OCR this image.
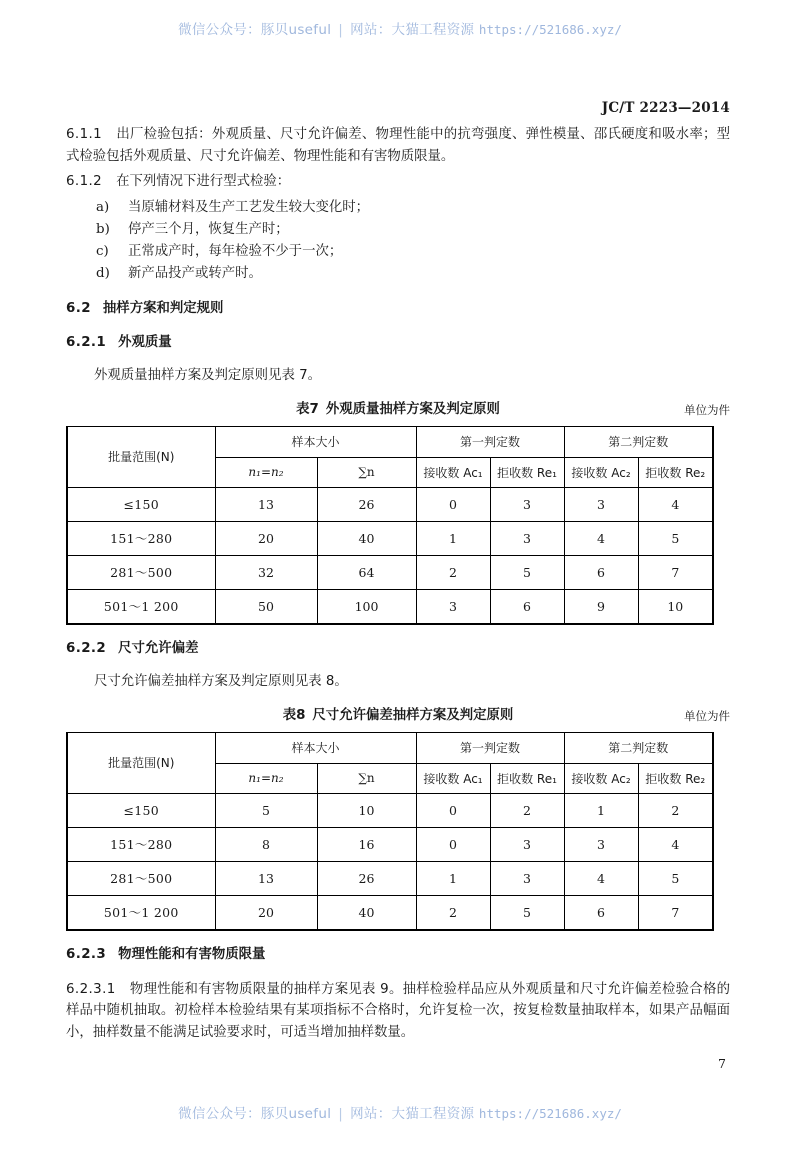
微信公众号：豚贝useful | 网站：大猫工程资源 https://521686.xyz/
JC/T 2223—2014

6.1.1 出厂检验包括：外观质量、尺寸允许偏差、物理性能中的抗弯强度、弹性模量、邵氏硬度和吸水率；型式检验包括外观质量、尺寸允许偏差、物理性能和有害物质限量。

6.1.2 在下列情况下进行型式检验：

a) 当原辅材料及生产工艺发生较大变化时；
b) 停产三个月，恢复生产时；
c) 正常成产时，每年检验不少于一次；
d) 新产品投产或转产时。

6.2 抽样方案和判定规则

6.2.1 外观质量

外观质量抽样方案及判定原则见表 7。

表7 外观质量抽样方案及判定原则	单位为件
批量范围(N)	样本大小		第一判定数		第二判定数	
	n₁=n₂	∑n	接收数 Ac₁	拒收数 Re₁	接收数 Ac₂	拒收数 Re₂
≤150	13	26	0	3	3	4
151～280	20	40	1	3	4	5
281～500	32	64	2	5	6	7
501～1 200	50	100	3	6	9	10

6.2.2 尺寸允许偏差

尺寸允许偏差抽样方案及判定原则见表 8。

表8 尺寸允许偏差抽样方案及判定原则	单位为件
批量范围(N)	样本大小		第一判定数		第二判定数	
	n₁=n₂	∑n	接收数 Ac₁	拒收数 Re₁	接收数 Ac₂	拒收数 Re₂
≤150	5	10	0	2	1	2
151～280	8	16	0	3	3	4
281～500	13	26	1	3	4	5
501～1 200	20	40	2	5	6	7

6.2.3 物理性能和有害物质限量

6.2.3.1 物理性能和有害物质限量的抽样方案见表 9。抽样检验样品应从外观质量和尺寸允许偏差检验合格的样品中随机抽取。初检样本检验结果有某项指标不合格时，允许复检一次，按复检数量抽取样本，如果产品幅面小，抽样数量不能满足试验要求时，可适当增加抽样数量。

7
微信公众号：豚贝useful | 网站：大猫工程资源 https://521686.xyz/
